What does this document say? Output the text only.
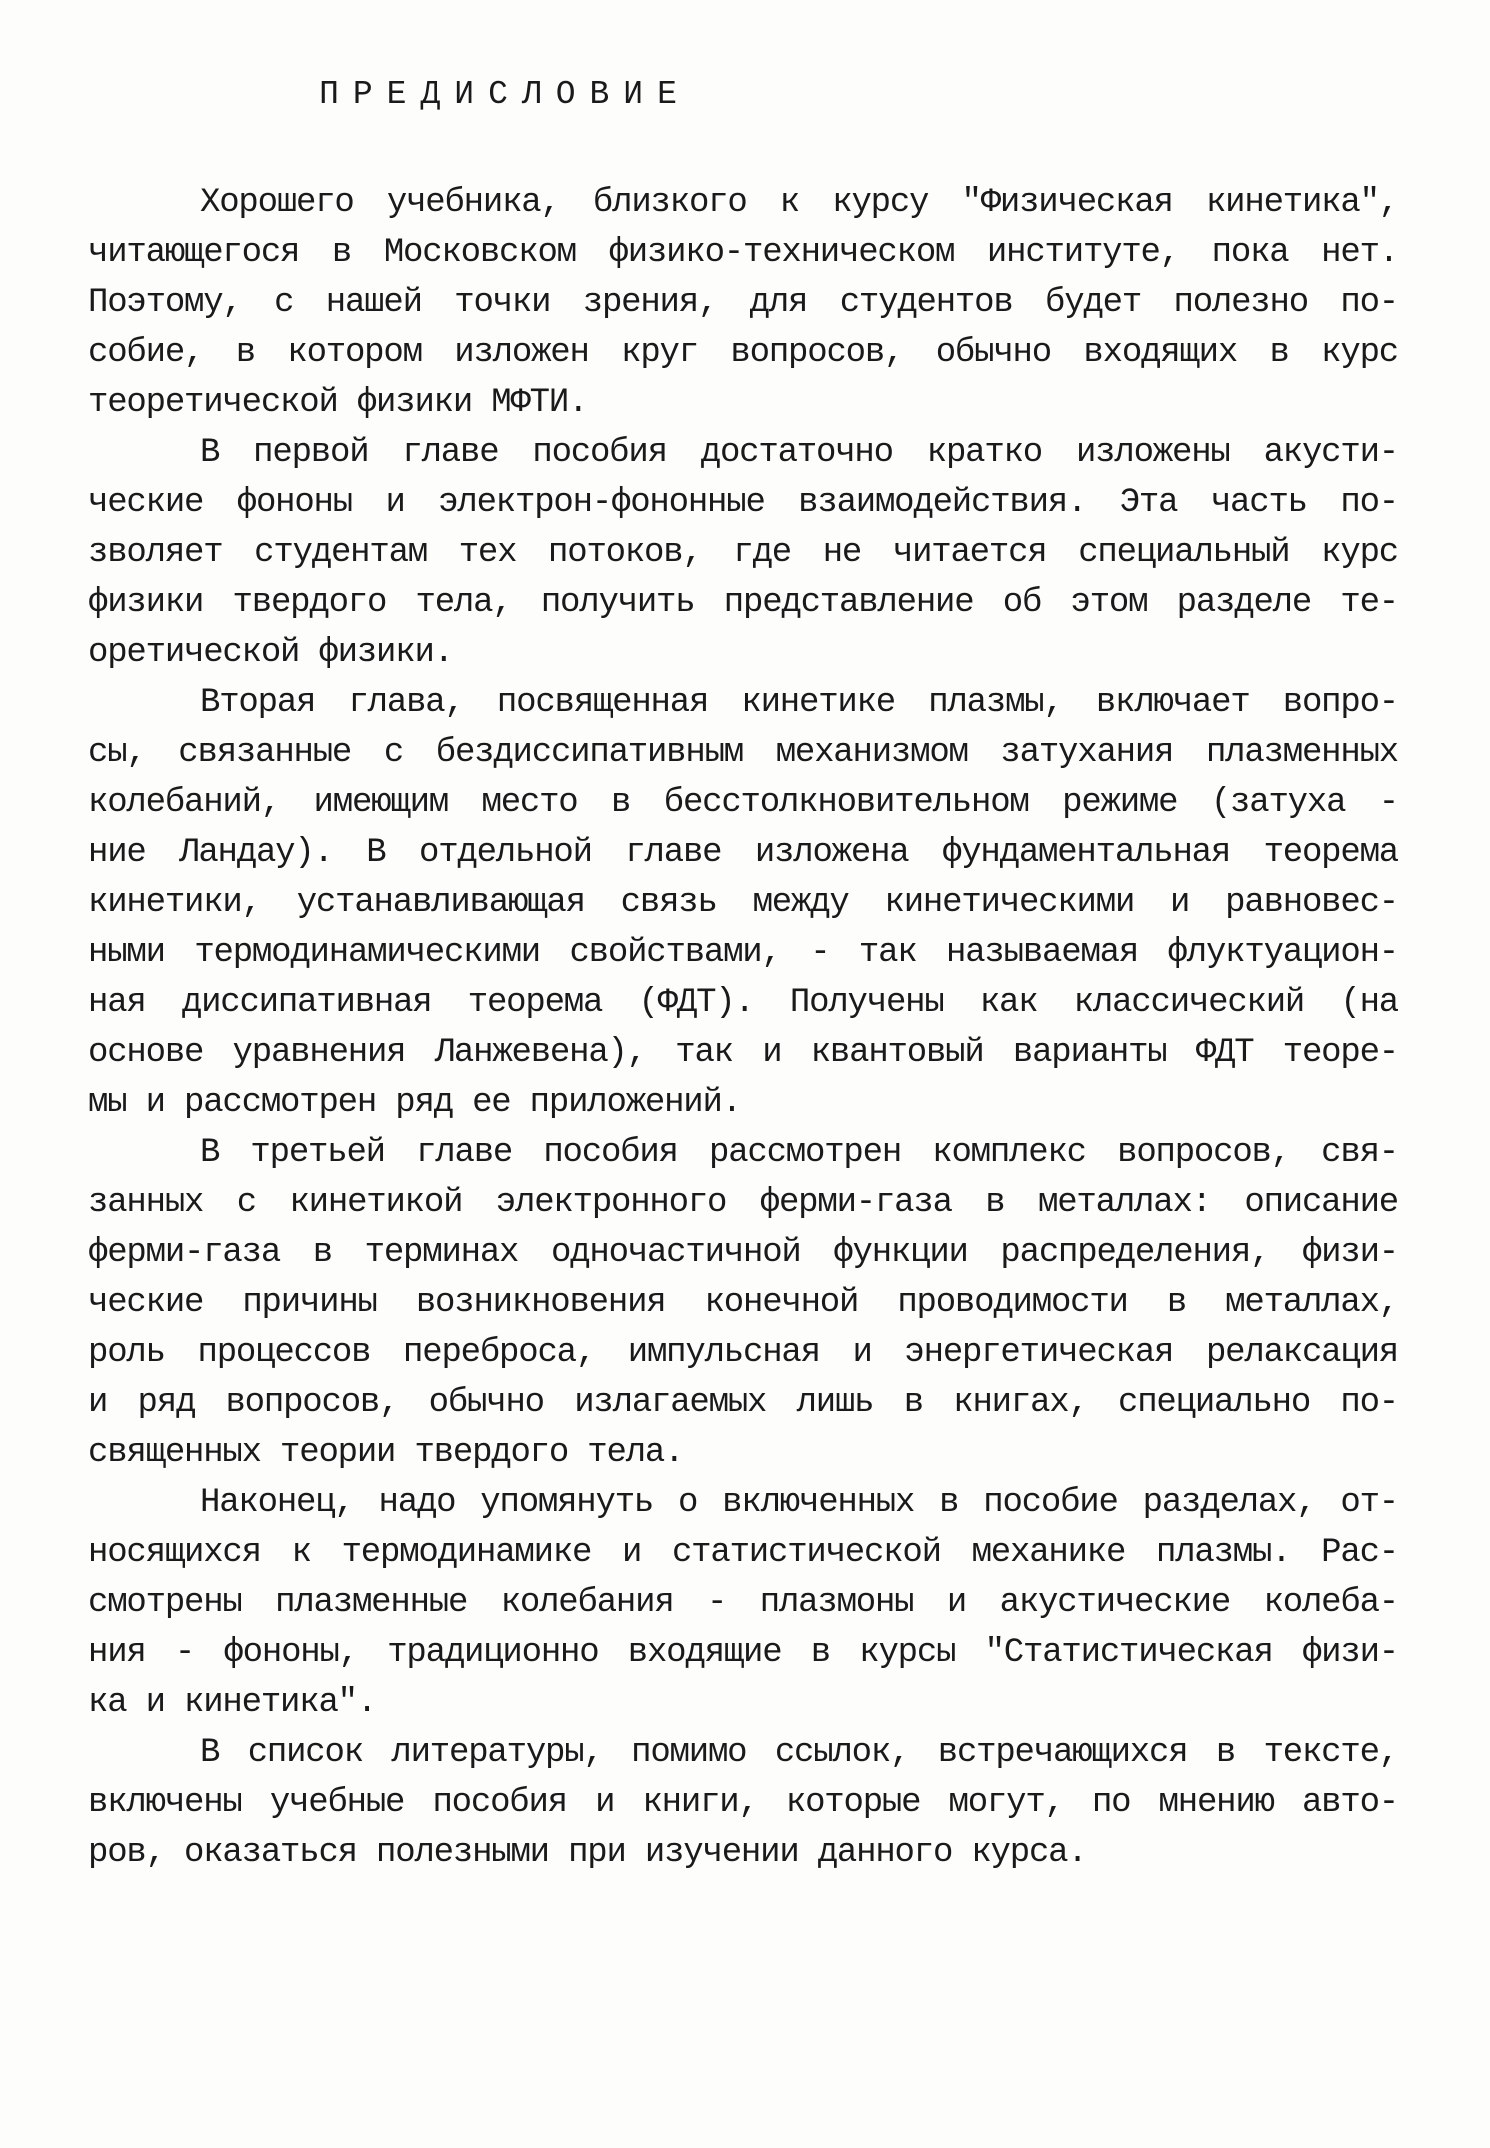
ПРЕДИСЛОВИЕ
Хорошего учебника, близкого к курсу "Физическая кинетика",
читающегося в Московском физико-техническом институте, пока нет.
Поэтому, с нашей точки зрения, для студентов будет полезно по-
собие, в котором изложен круг вопросов, обычно входящих в курс
теоретической физики МФТИ.
В первой главе пособия достаточно кратко изложены акусти-
ческие фононы и электрон-фононные взаимодействия. Эта часть по-
зволяет студентам тех потоков, где не читается специальный курс
физики твердого тела, получить представление об этом разделе те-
оретической физики.
Вторая глава, посвященная кинетике плазмы, включает вопро-
сы, связанные с бездиссипативным механизмом затухания плазменных
колебаний, имеющим место в бесстолкновительном режиме (затуха -
ние Ландау). В отдельной главе изложена фундаментальная теорема
кинетики, устанавливающая связь между кинетическими и равновес-
ными термодинамическими свойствами, - так называемая флуктуацион-
ная диссипативная теорема (ФДТ). Получены как классический (на
основе уравнения Ланжевена), так и квантовый варианты ФДТ теоре-
мы и рассмотрен ряд ее приложений.
В третьей главе пособия рассмотрен комплекс вопросов, свя-
занных с кинетикой электронного ферми-газа в металлах: описание
ферми-газа в терминах одночастичной функции распределения, физи-
ческие причины возникновения конечной проводимости в металлах,
роль процессов переброса, импульсная и энергетическая релаксация
и ряд вопросов, обычно излагаемых лишь в книгах, специально по-
священных теории твердого тела.
Наконец, надо упомянуть о включенных в пособие разделах, от-
носящихся к термодинамике и статистической механике плазмы. Рас-
смотрены плазменные колебания - плазмоны и акустические колеба-
ния - фононы, традиционно входящие в курсы "Статистическая физи-
ка и кинетика".
В список литературы, помимо ссылок, встречающихся в тексте,
включены учебные пособия и книги, которые могут, по мнению авто-
ров, оказаться полезными при изучении данного курса.
